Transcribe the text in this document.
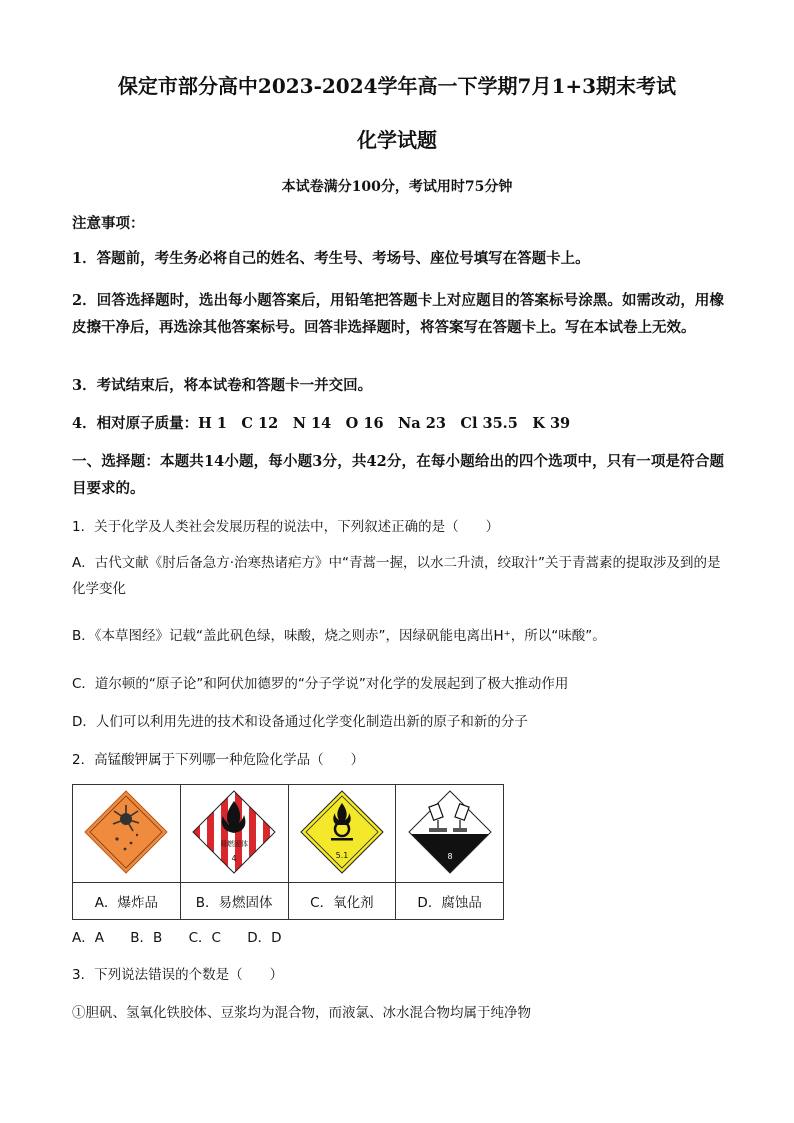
保定市部分高中2023-2024学年高一下学期7月1+3期末考试
化学试题
本试卷满分100分，考试用时75分钟
注意事项：
1．答题前，考生务必将自己的姓名、考生号、考场号、座位号填写在答题卡上。
2．回答选择题时，选出每小题答案后，用铅笔把答题卡上对应题目的答案标号涂黑。如需改动，用橡皮擦干净后，再选涂其他答案标号。回答非选择题时，将答案写在答题卡上。写在本试卷上无效。
3．考试结束后，将本试卷和答题卡一并交回。
4．相对原子质量：H 1　C 12　N 14　O 16　Na 23　Cl 35.5　K 39
一、选择题：本题共14小题，每小题3分，共42分，在每小题给出的四个选项中，只有一项是符合题目要求的。
1．关于化学及人类社会发展历程的说法中，下列叙述正确的是（　　）
A．古代文献《肘后备急方·治寒热诸疟方》中“青蒿一握，以水二升渍，绞取汁”关于青蒿素的提取涉及到的是化学变化
B．《本草图经》记载“盖此矾色绿，味酸，烧之则赤”，因绿矾能电离出H⁺，所以“味酸”。
C．道尔顿的“原子论”和阿伏加德罗的“分子学说”对化学的发展起到了极大推动作用
D．人们可以利用先进的技术和设备通过化学变化制造出新的原子和新的分子
2．高锰酸钾属于下列哪一种危险化学品（　　）

易燃固体
4	5.1	8

A．爆炸品	B．易燃固体	C．氧化剂	D．腐蚀品
A．A B．B C．C D．D
3．下列说法错误的个数是（　　）
①胆矾、氢氧化铁胶体、豆浆均为混合物，而液氯、冰水混合物均属于纯净物
